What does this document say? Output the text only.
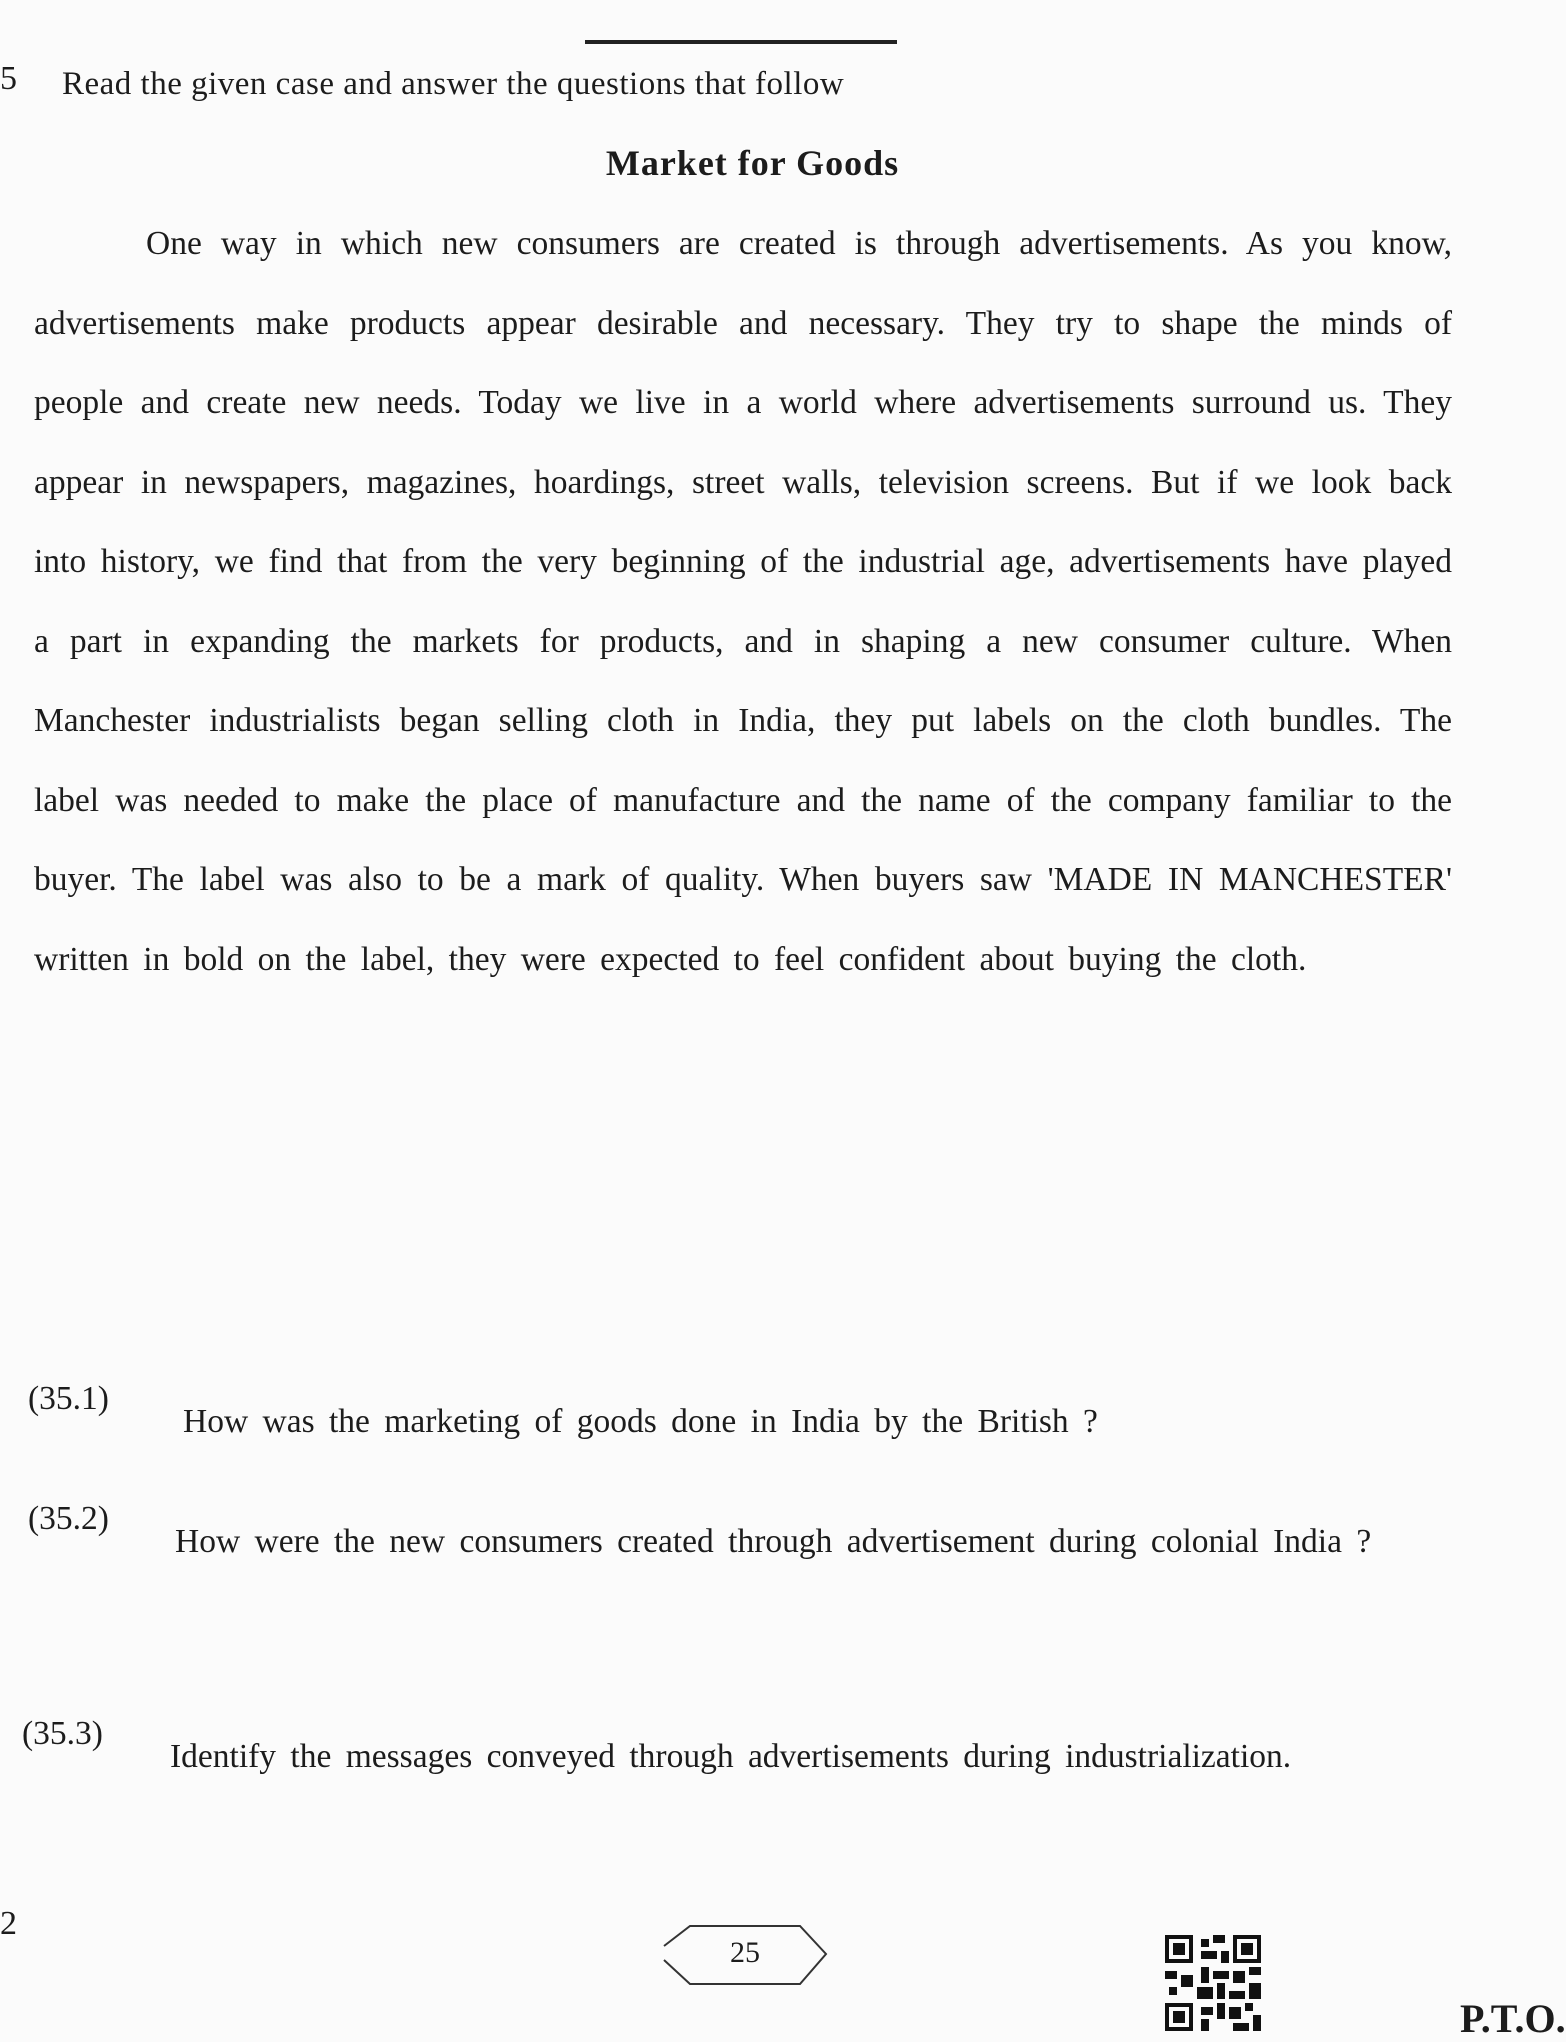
5 Read the given case and answer the questions that follow
Market for Goods

One way in which new consumers are created is through advertisements. As you know, advertisements make products appear desirable and necessary. They try to shape the minds of people and create new needs. Today we live in a world where advertisements surround us. They appear in newspapers, magazines, hoardings, street walls, television screens. But if we look back into history, we find that from the very beginning of the industrial age, advertisements have played a part in expanding the markets for products, and in shaping a new consumer culture. When Manchester industrialists began selling cloth in India, they put labels on the cloth bundles. The label was needed to make the place of manufacture and the name of the company familiar to the buyer. The label was also to be a mark of quality. When buyers saw 'MADE IN MANCHESTER' written in bold on the label, they were expected to feel confident about buying the cloth.

(35.1)
How was the marketing of goods done in India by the British ?
(35.2)
How were the new consumers created through advertisement during colonial India ?
(35.3)
Identify the messages conveyed through advertisements during industrialization.
2
25
P.T.O.
